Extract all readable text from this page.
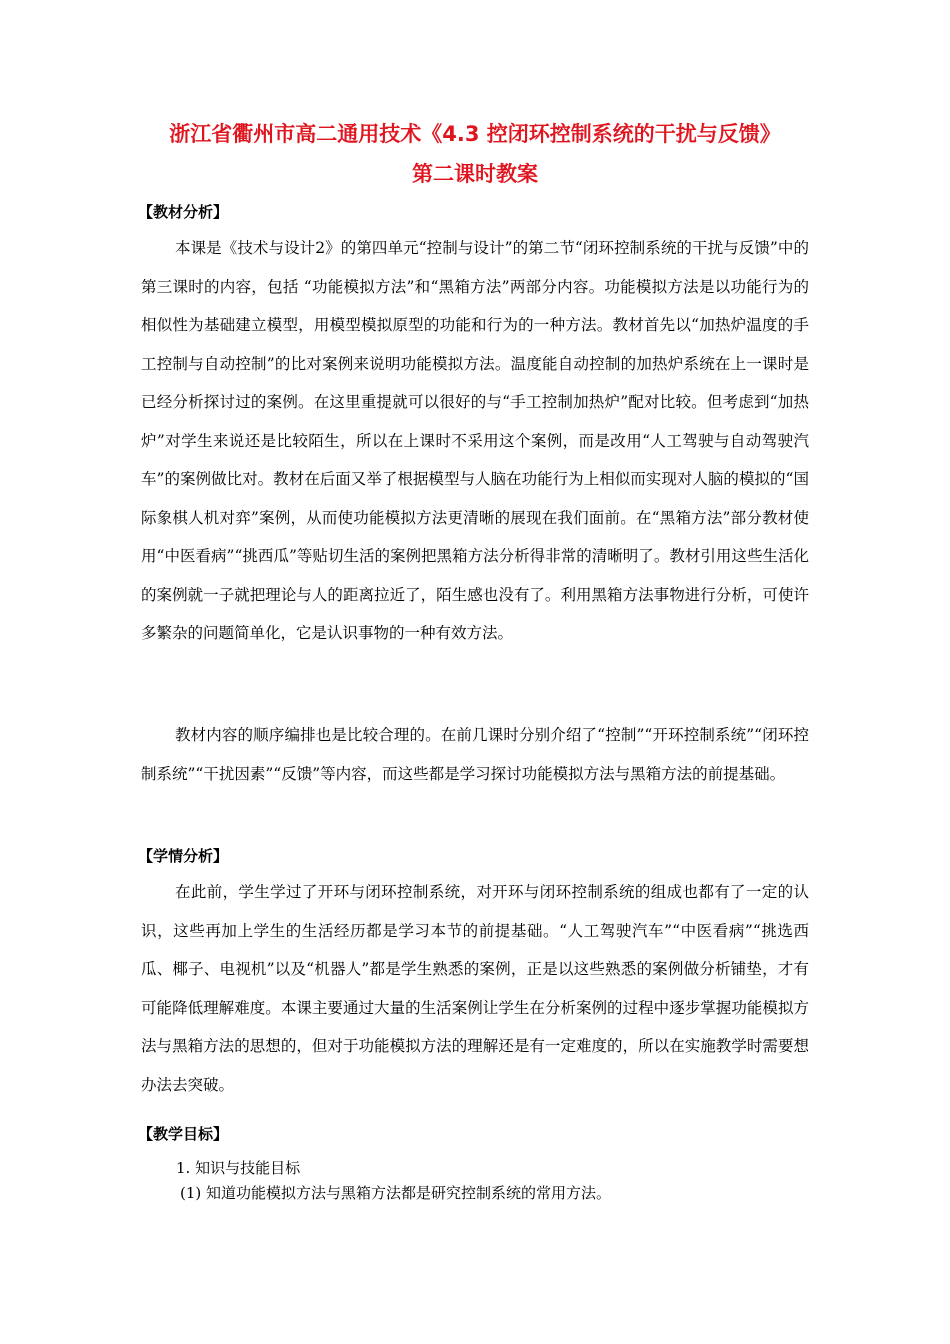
浙江省衢州市高二通用技术《4.3 控闭环控制系统的干扰与反馈》
第二课时教案
【教材分析】

本课是《技术与设计2》的第四单元“控制与设计”的第二节“闭环控制系统的干扰与反馈”中的第三课时的内容，包括 “功能模拟方法”和“黑箱方法”两部分内容。功能模拟方法是以功能行为的相似性为基础建立模型，用模型模拟原型的功能和行为的一种方法。教材首先以“加热炉温度的手工控制与自动控制”的比对案例来说明功能模拟方法。温度能自动控制的加热炉系统在上一课时是已经分析探讨过的案例。在这里重提就可以很好的与“手工控制加热炉”配对比较。但考虑到“加热炉”对学生来说还是比较陌生，所以在上课时不采用这个案例，而是改用“人工驾驶与自动驾驶汽车”的案例做比对。教材在后面又举了根据模型与人脑在功能行为上相似而实现对人脑的模拟的“国际象棋人机对弈”案例，从而使功能模拟方法更清晰的展现在我们面前。在“黑箱方法”部分教材使用“中医看病”“挑西瓜”等贴切生活的案例把黑箱方法分析得非常的清晰明了。教材引用这些生活化的案例就一子就把理论与人的距离拉近了，陌生感也没有了。利用黑箱方法事物进行分析，可使许多繁杂的问题简单化，它是认识事物的一种有效方法。

教材内容的顺序编排也是比较合理的。在前几课时分别介绍了“控制”“开环控制系统”“闭环控制系统”“干扰因素”“反馈”等内容，而这些都是学习探讨功能模拟方法与黑箱方法的前提基础。

【学情分析】

在此前，学生学过了开环与闭环控制系统，对开环与闭环控制系统的组成也都有了一定的认识，这些再加上学生的生活经历都是学习本节的前提基础。“人工驾驶汽车”“中医看病”“挑选西瓜、椰子、电视机”以及“机器人”都是学生熟悉的案例，正是以这些熟悉的案例做分析铺垫，才有可能降低理解难度。本课主要通过大量的生活案例让学生在分析案例的过程中逐步掌握功能模拟方法与黑箱方法的思想的，但对于功能模拟方法的理解还是有一定难度的，所以在实施教学时需要想办法去突破。

【教学目标】
1. 知识与技能目标
(1) 知道功能模拟方法与黑箱方法都是研究控制系统的常用方法。
